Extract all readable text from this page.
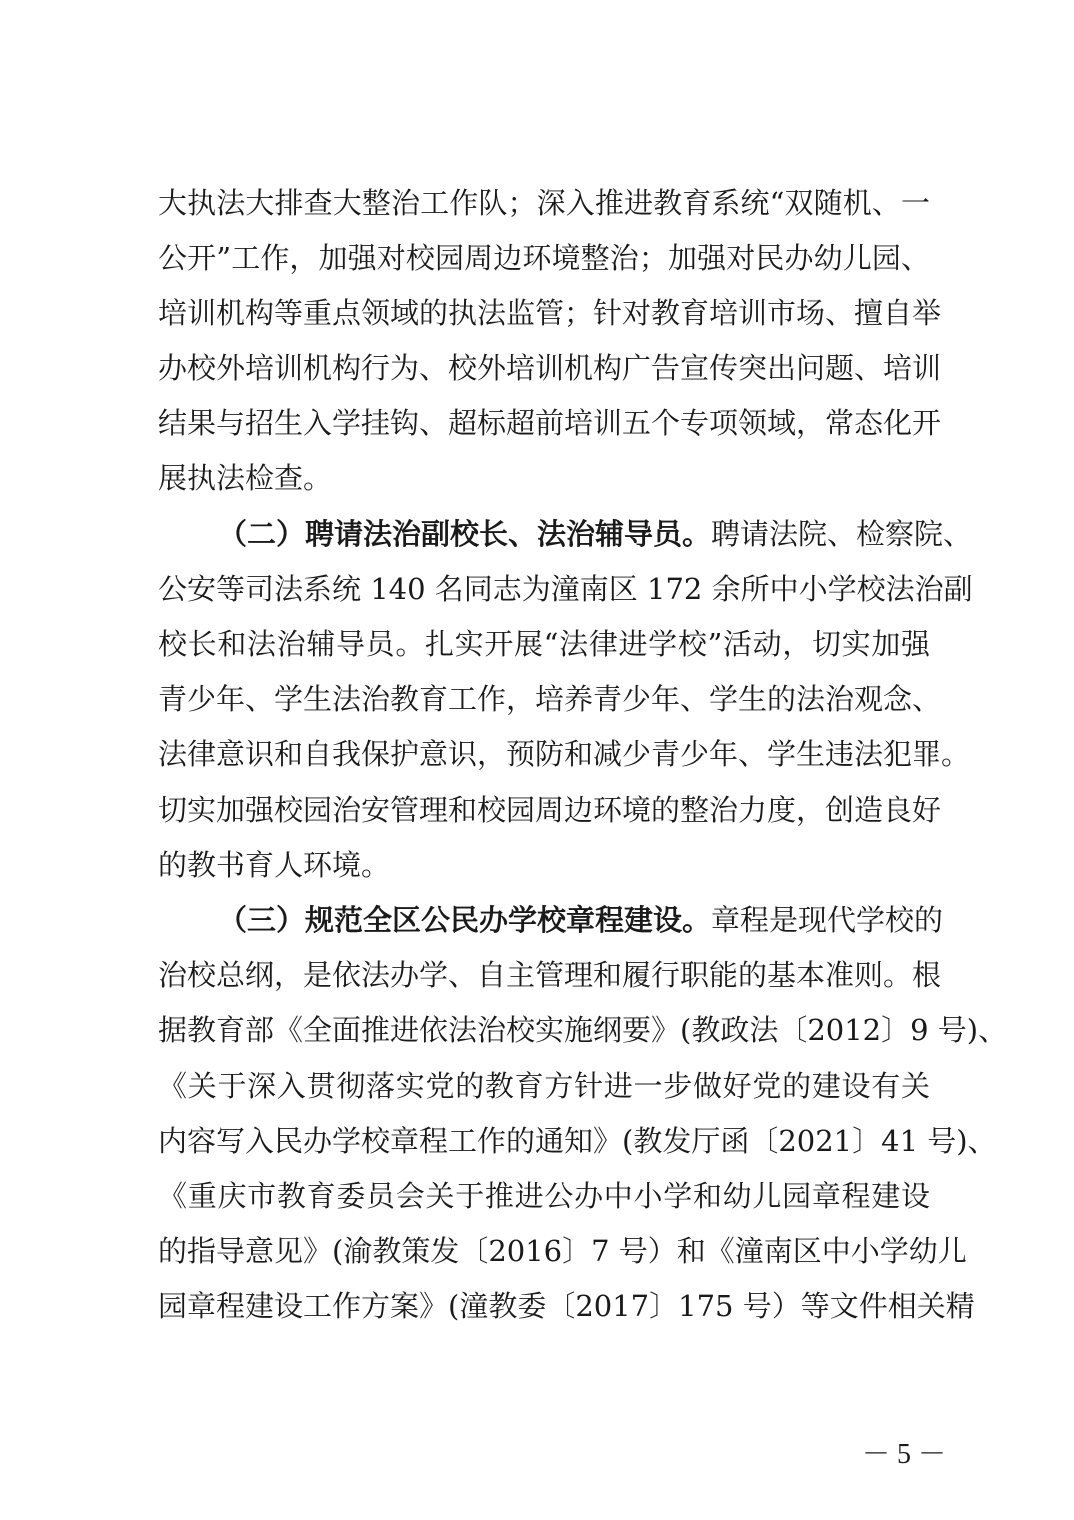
大执法大排查大整治工作队；深入推进教育系统“双随机、一
公开”工作，加强对校园周边环境整治；加强对民办幼儿园、
培训机构等重点领域的执法监管；针对教育培训市场、擅自举
办校外培训机构行为、校外培训机构广告宣传突出问题、培训
结果与招生入学挂钩、超标超前培训五个专项领域，常态化开
展执法检查。
（二）聘请法治副校长、法治辅导员。聘请法院、检察院、
公安等司法系统 140 名同志为潼南区 172 余所中小学校法治副
校长和法治辅导员。扎实开展“法律进学校”活动，切实加强
青少年、学生法治教育工作，培养青少年、学生的法治观念、
法律意识和自我保护意识，预防和减少青少年、学生违法犯罪。
切实加强校园治安管理和校园周边环境的整治力度，创造良好
的教书育人环境。
（三）规范全区公民办学校章程建设。章程是现代学校的
治校总纲，是依法办学、自主管理和履行职能的基本准则。根
据教育部《全面推进依法治校实施纲要》(教政法〔2012〕9 号)、
《关于深入贯彻落实党的教育方针进一步做好党的建设有关
内容写入民办学校章程工作的通知》(教发厅函〔2021〕41 号)、
《重庆市教育委员会关于推进公办中小学和幼儿园章程建设
的指导意见》(渝教策发〔2016〕7 号）和《潼南区中小学幼儿
园章程建设工作方案》(潼教委〔2017〕175 号）等文件相关精
－ 5 －
